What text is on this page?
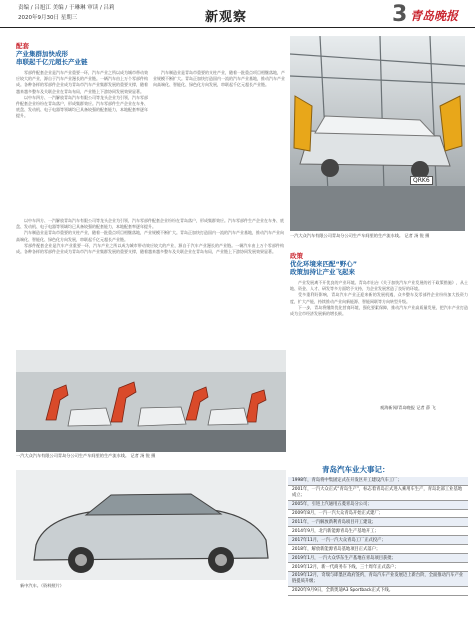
责编 / 吕旭江 美编 / 于琳琳 审读 / 吕莉
2020年9月30日 星期三	新观察	3 青岛晚报
配套
产业集群加快成形
串联起千亿元超长产业链

零部件配套企业是汽车产业重要一环，汽车产业之所以成为城市带动效应较大的产业，源自于汽车产业漫长的产业链。一辆汽车由上万个零部件构成。各种各样的零部件企业成为青岛市汽车产业集群发展的重要支撑，随着越来越多整车及关联企业在青岛布局，产业链上下游协同发展效果显著。

以中车四方、一汽解放青岛汽车有限公司等龙头企业为引领，汽车零部件配套企业纷纷在青岛落户，形成集群效应。汽车零部件生产企业在车身、底盘、发动机、电子电器等领域均已具备较强的配套能力，本地配套率逐年提升。

汽车制造业是青岛市重要的支柱产业，随着一批重点项目相继落地，产业规模不断扩大。青岛正加快打造国内一流的汽车产业基地，推动汽车产业向高端化、智能化、绿色化方向发展，串联起千亿元超长产业链。

以中车四方、一汽解放青岛汽车有限公司等龙头企业为引领，汽车零部件配套企业纷纷在青岛落户，形成集群效应。汽车零部件生产企业在车身、底盘、发动机、电子电器等领域均已具备较强的配套能力，本地配套率逐年提升。

汽车制造业是青岛市重要的支柱产业，随着一批重点项目相继落地，产业规模不断扩大。青岛正加快打造国内一流的汽车产业基地，推动汽车产业向高端化、智能化、绿色化方向发展，串联起千亿元超长产业链。

零部件配套企业是汽车产业重要一环，汽车产业之所以成为城市带动效应较大的产业，源自于汽车产业漫长的产业链。一辆汽车由上万个零部件构成。各种各样的零部件企业成为青岛市汽车产业集群发展的重要支撑，随着越来越多整车及关联企业在青岛布局，产业链上下游协同发展效果显著。

QRK6
一汽大众汽车有限公司青岛分公司生产车间里的生产流水线。 记者 汤 锐 摄
政策
优化环境来匹配“野心”
政策加持让产业飞起来

产业发展离不开优良的产业环境。青岛市出台《关于加快汽车产业发展的若干政策措施》，从土地、资金、人才、研发等多方面给予支持，为企业发展营造了良好的环境。

受多重利好影响，青岛汽车产业正迎来新的发展机遇，众多整车及零部件企业纷纷加大投资力度，扩大产能，持续推动产业向新能源、智能网联等方向转型升级。

下一步，青岛将继续优化营商环境，强化要素保障，推动汽车产业高质量发展，把汽车产业打造成为全市经济发展新的增长极。

观海新闻/青岛晚报 记者 薛 飞
一汽大众汽车有限公司青岛分公司生产车间里的生产流水线。 记者 汤 锐 摄
新中汽车。（资料照片）
青岛汽车业大事记：
1998年，青岛将中集固定式在开发区开工建设汽车工厂；
2001年，一汽大众正式“青岛生产”，标志着青岛正式进入乘用车生产，青岛北部工业基地成立；
2005年，引进上汽通用五菱青岛分公司；
2009年8月，一汽一汽大众青岛开始正式建厂；
2011年，一汽解放新利青岛项目开工建设；
2014年9月，北汽新能源青岛生产基地开工；
2017年11月，一汽一汽大众青岛工厂正式投产；
2018年，解放新能源青岛基地项目正式落户；
2019年1月，一汽大众华东生产基地在青岛项目获批；
2019年12月，新一代商务车下线，三十周年正式落户；
2019年12月，奇瑞与即墨区政府签约，青岛汽车产业发展迈上新台阶，全面推动汽车产业链提质升级；
2020年9月9日，全新奥迪A3 Sportback正式下线。
